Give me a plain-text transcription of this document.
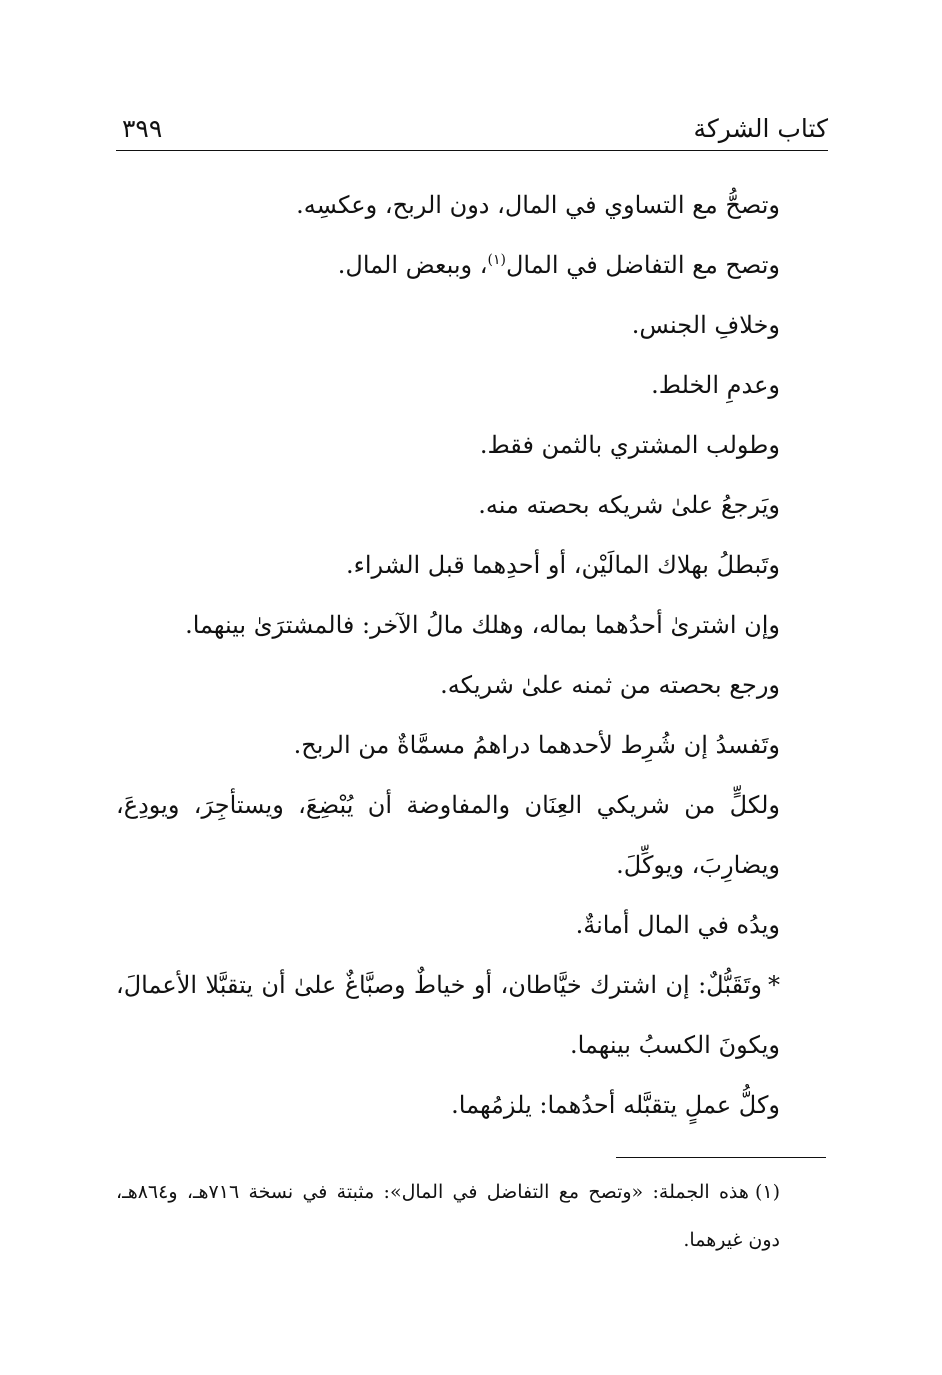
كتاب الشركة
٣٩٩

وتصحُّ مع التساوي في المال، دون الربح، وعكسِه.

وتصح مع التفاضل في المال$^{(١)}$، وببعض المال.

وخلافِ الجنس.

وعدمِ الخلط.

وطولب المشتري بالثمن فقط.

ويَرجعُ علىٰ شريكه بحصته منه.

وتَبطلُ بهلاك المالَيْن، أو أحدِهما قبل الشراء.

وإن اشترىٰ أحدُهما بماله، وهلك مالُ الآخر: فالمشترَىٰ بينهما.

ورجع بحصته من ثمنه علىٰ شريكه.

وتَفسدُ إن شُرِط لأحدهما دراهمُ مسمَّاةٌ من الربح.

ولكلٍّ من شريكي العِنَان والمفاوضة أن يُبْضِعَ، ويستأجِرَ، ويودِعَ، ويضارِبَ، ويوكِّلَ.

ويدُه في المال أمانةٌ.

*وتَقَبُّلٌ: إن اشترك خيَّاطان، أو خياطٌ وصبَّاغٌ علىٰ أن يتقبَّلا الأعمالَ، ويكونَ الكسبُ بينهما.

وكلُّ عملٍ يتقبَّله أحدُهما: يلزمُهما.

(١)هذه الجملة: «وتصح مع التفاضل في المال»: مثبتة في نسخة ٧١٦هـ، و٨٦٤هـ، دون غيرهما.
